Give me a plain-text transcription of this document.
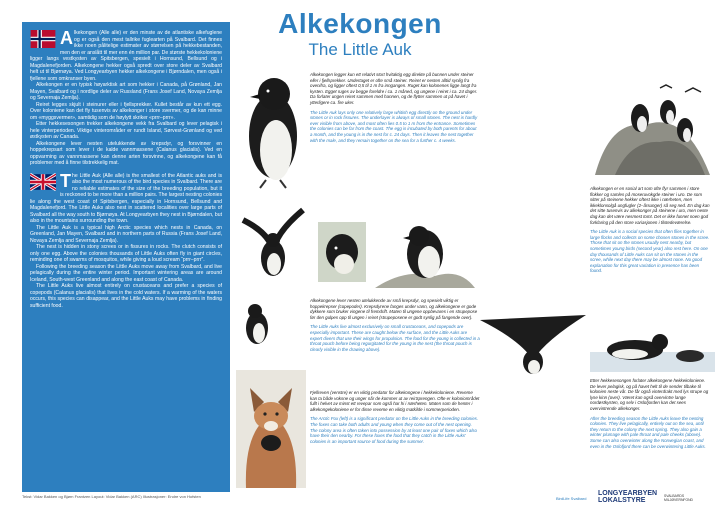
Alkekongen (Alle alle) er den minste av de atlantiske alkefuglene og er også den mest tallrike fuglearten på Svalbard. Det finnes ikke noen pålitelige estimater av størrelsen på hekkebestanden, men den er anslått til mer enn én million par. De største hekkekoloniene ligger langs vestkysten av Spitsbergen, spesielt i Hornsund, Bellsund og i Magdalenefjorden. Alkekongene hekker også spredt over store deler av Svalbard helt ut til Bjørnøya. Ved Longyearbyen hekker alkekongene i Bjørndalen, men også i fjellene som omkranser byen.

Alkekongen er en typisk høyarktisk art som hekker i Canada, på Grønland, Jan Mayen, Svalbard og i nordlige deler av Russland (Frans Josef Land, Novaya Zemlja og Severnaja Zemlja).

Reiret legges skjult i steinurer eller i fjellsprekker. Kullet består av kun ett egg. Over koloniene kan det fly tusenvis av alkekonger i store svermer, og de kan minne om «myggsvermer», samtidig som de høylytt skriker «prrr–prrr».

Etter hekkesesongen trekker alkekongene vekk fra Svalbard og lever pelagisk i hele vinterperioden. Viktige vinterområder er rundt Island, Sørvest-Grønland og ved østkysten av Canada.

Alkekongene lever nesten utelukkende av krepsdyr, og forsvinner en hoppekrepsart som lever i de kalde vannmassene (Calanus glacialis). Ved en oppvarming av vannmassene kan denne arten forsvinne, og alkekongene kan få problemer med å finne tilstrekkelig mat.

The Little Auk (Alle alle) is the smallest of the Atlantic auks and is also the most numerous of the bird species in Svalbard. There are no reliable estimates of the size of the breeding population, but it is reckoned to be more than a million pairs. The largest nesting colonies lie along the west coast of Spitsbergen, especially in Hornsund, Bellsund and Magdalenefjord. The Little Auks also nest in scattered localities over large parts of Svalbard all the way south to Bjørnøya. At Longyearbyen they nest in Bjørndalen, but also in the mountains surrounding the town.

The Little Auk is a typical high Arctic species which nests in Canada, on Greenland, Jan Mayen, Svalbard and in northern parts of Russia (Frans Josef Land, Novaya Zemlja and Severnaja Zemlja).

The nest is hidden in stony screes or in fissures in rocks. The clutch consists of only one egg. Above the colonies thousands of Little Auks often fly in giant circles, reminding one of swarms of mosquitos, while giving a loud scream “prrr–prrr”.

Following the breeding season the Little Auks move away from Svalbard, and live pelagically during the entire winter period. Important wintering areas are around Iceland, South-west Greenland and along the east coast of Canada.

The Little Auks live almost entirely on crustaceans and prefer a species of copepods (Calanus glacialis) that lives in the cold waters. If a warming of the waters occurs, this species can disappear, and the Little Auks may have problems in finding sufficient food.

Alkekongen
The Little Auk

Alkekongen legger kun ett relativt stort hvitaktig egg direkte på bunnen under steiner eller i fjellsprekker. Undertaget er ofte små steiner. Reiret er nesten alltid synlig fra ovenifra, og ligger oftest 0,5 til 1 m fra inngangen. Ruget kan kolonenes ligge langt fra kysten. Egget ruges av begge foreldre i ca. 1 måned, og ungene i reiret i ca. 24 dager. Da forlater ungen reiret sammen med hannen, og de flytter sammen ut på havet i ytterligere ca. fire uker.

The Little Auk lays only one relatively large whitish egg directly on the ground under stones or in rock fissures. The underlayer is always of small stones. The nest is hardly ever visible from above, and most often lies 0.5 to 1 m from the entrance. Sometimes the colonies can be far from the coast. The egg is incubated by both parents for about a month, and the young is in the nest for c. 24 days. Then it leaves the nest together with the male, and they remain together on the sea for a further c. 4 weeks.

Alkekongene lever nesten utelukkende av små krepsdyr, og spesielt viktig er hoppekrepser (copepoder). Krepsdyrene fanges under vann, og alkekongene er gode dykkere som bruker vingene til fremdrift. Maten til ungene oppbevares i en strupepose før den gulpes opp til ungen i reiret (strupeposene er godt synlig på fangende over).

The Little Auks live almost exclusively on small crustaceans, and copepods are especially important. These are caught below the surface, and the Little Auks are expert divers that use their wings for propulsion. The food for the young is collected in a throat pouch before being regurgitated for the young in the nest (the throat pouch is clearly visible in the drawing above).

Fjellreven (venstre) er en viktig predator for alkekongene i hekkekoloniene. Reveme kan ta både voksne og unger når de kommer ut av reirSprengen. Ofte er koloniområdet fullt i helvet av minst ett revepar som også har hi i nærheten. Maten som de henter i alkekongekoloniene er for disse reveme en viktig matkilde i sommerperioden.

The Arctic Fox (left) is a significant predator on the Little Auks in the breeding colonies. The foxes can take both adults and young when they come out of the nest opening. The colony area is often taken into possession by at least one pair of foxes which also have their den nearby. For these foxes the food that they catch in the Little Auks' colonies is an important source of food during the summer.

Alkekongen er en sosial art som ofte flyr sammen i store flokker og samles på moseruvokgde steiner i uro. De som sitter på steinene hekker oftest ikke i nærheten, men ikkeklonsolgå ungfugler (2–årsunger) så seg ned. En dag kan det sitte tusenvis av alkekonger på steinene i uro, men neste dag kan det være nesmest tomt. Det er ikke funnet noen god forklaring på den store variasjonen i tilstedeværelse.

The Little Auk is a social species that often flies together in large flocks and collects on some chosen stones in the scree. Those that sit on the stones usually nest nearby, but sometimes young birds (second year) also rest here. On one day thousands of Little Auks can sit on the stones in the scree, while next day there may be almost none. No good explanation for this great variation in presence has been found.

Etter hekkesesongen forlater alkekongene hekkekoloniene. De lever pelagisk, og på havet helt til de sender tilbake til kolonien neste vår. De får også vinterdrakt med lys strupe og lyse kinn (over). Været kan også overvintre lange nordøstkysten, og selv i Oslofjorden kan det sees overvintrende alkekonger.

After the breeding season the Little Auks leave the nesting colonies. They live pelagically, entirely out on the sea, until they return to the colony the next spring. They also gain a winter plumage with pale throat and pale cheeks (above). Some can also overwinter along the Norwegian coast, and even in the Oslofjord there can be overwintering Little Auks.

Tekst: Vidar Bakken og Bjørn Frantzen Layout: Vidar Bakken (ARC) Illustrasjoner: Endre von Hofsten	BirdLife Svalbard
LONGYEARBYEN
LOKALSTYRE
SVALBARDS MILJØVERNFOND
